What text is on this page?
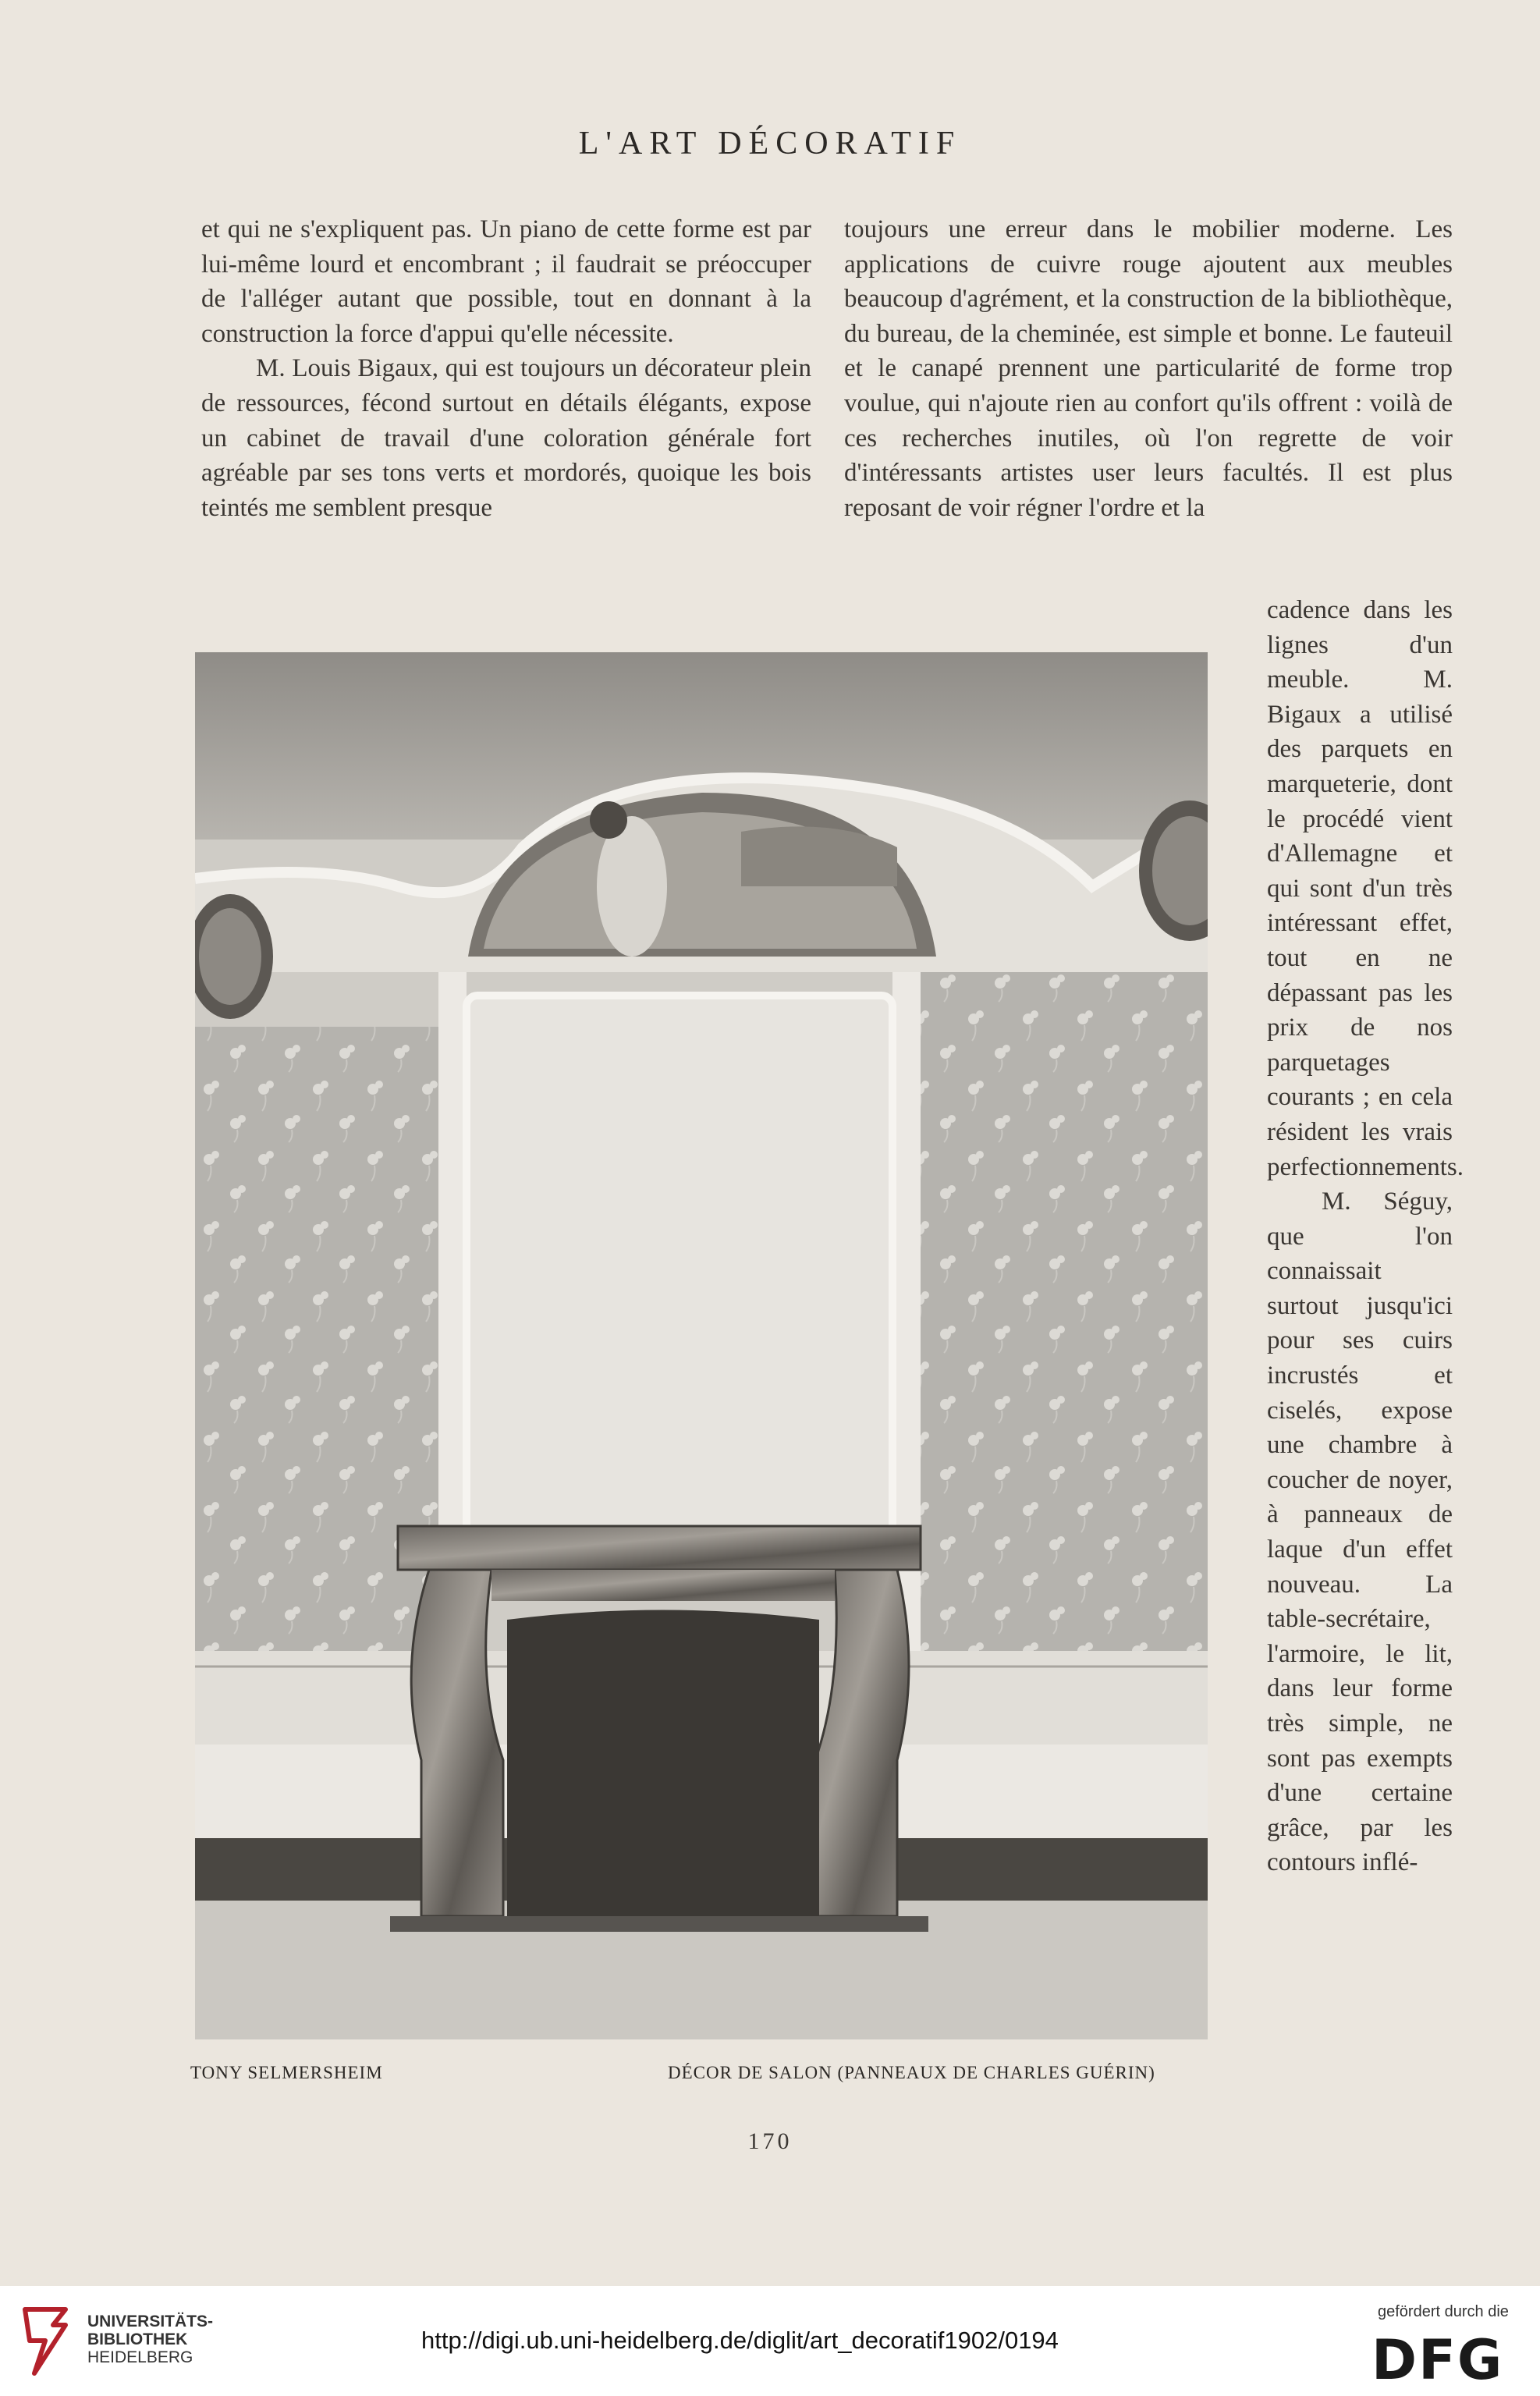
L'ART DÉCORATIF

et qui ne s'expliquent pas. Un piano de cette forme est par lui-même lourd et encombrant ; il faudrait se préoccuper de l'alléger autant que possible, tout en donnant à la construction la force d'appui qu'elle nécessite.

M. Louis Bigaux, qui est toujours un décorateur plein de ressources, fécond surtout en détails élégants, expose un cabinet de travail d'une coloration générale fort agréable par ses tons verts et mordorés, quoique les bois teintés me semblent presque

toujours une erreur dans le mobilier moderne. Les applications de cuivre rouge ajoutent aux meubles beaucoup d'agrément, et la construction de la bibliothèque, du bureau, de la cheminée, est simple et bonne. Le fauteuil et le canapé prennent une particularité de forme trop voulue, qui n'ajoute rien au confort qu'ils offrent : voilà de ces recherches inutiles, où l'on regrette de voir d'intéressants artistes user leurs facultés. Il est plus reposant de voir régner l'ordre et la

cadence dans les lignes d'un meuble. M. Bigaux a utilisé des parquets en marqueterie, dont le procédé vient d'Allemagne et qui sont d'un très intéressant effet, tout en ne dépassant pas les prix de nos parquetages courants ; en cela résident les vrais perfectionnements.

M. Séguy, que l'on connaissait surtout jusqu'ici pour ses cuirs incrustés et ciselés, expose une chambre à coucher de noyer, à panneaux de laque d'un effet nouveau. La table-secrétaire, l'armoire, le lit, dans leur forme très simple, ne sont pas exempts d'une certaine grâce, par les contours inflé-

TONY SELMERSHEIM	DÉCOR DE SALON (PANNEAUX DE CHARLES GUÉRIN)
170
UNIVERSITÄTS-
BIBLIOTHEK
HEIDELBERG
http://digi.ub.uni-heidelberg.de/diglit/art_decoratif1902/0194
gefördert durch die
DFG
